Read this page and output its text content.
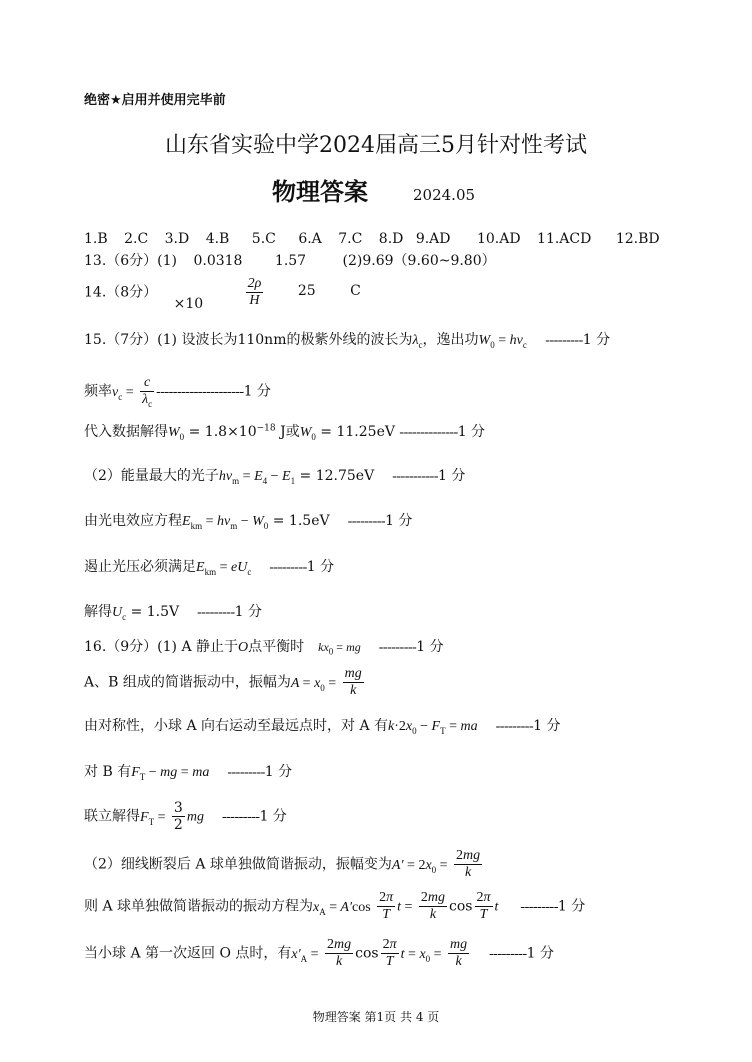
绝密★启用并使用完毕前
山东省实验中学2024届高三5月针对性考试
物理答案	2024.05
1.B 2.C 3.D 4.B 5.C 6.A 7.C 8.D 9.AD 10.AD 11.ACD 12.BD
13.（6分）(1) 0.0318 1.57	(2)9.69（9.60~9.80）
14.（8分） ×10	$\frac{2\rho}{H} 25$ C
15.（7分）(1) 设波长为110nm的极紫外线的波长为$\lambda_c$，逸出功$W_0 = h\nu_c$ ---------1 分
频率$\nu_c = \frac{c}{\lambda_c} ---------------------1$ 分
代入数据解得$W_0 = 1.8\times 10^{-18}$ J或$W_0 = 11.25eV$ --------------1 分
（2）能量最大的光子$h\nu_m = E_4 - E_1 = 12.75eV$ -----------1 分
由光电效应方程$E_{km} = h\nu_m - W_0 = 1.5eV$ ---------1 分
遏止光压必须满足$E_{km} = eU_c$ ---------1 分
解得$U_c = 1.5V$ ---------1 分
16.（9分）(1) A 静止于O点平衡时 $kx_0$ = mg ---------1 分
A、B 组成的简谐振动中，振幅为$A = x_0 = \frac{mg}{k}$
由对称性，小球 A 向右运动至最远点时，对 A 有$k\cdot 2x_0 - F_T$ = ma ---------1 分
对 B 有$F_T$ − mg = ma ---------1 分
联立解得$F_T = \frac{3}{2}$ mg ---------1 分
（2）细线断裂后 A 球单独做简谐振动，振幅变为$A' = 2x_0 = \frac{2mg}{k}$
则 A 球单独做简谐振动的振动方程为$x_A = A'\cos \frac{2\pi}{T}$ $t = \frac{2mg}{k}$ $\cos \frac{2\pi}{T}$ t ---------1 分
当小球 A 第一次返回 O 点时，有$x'_A = \frac{2mg}{k}$ $\cos \frac{2\pi}{T}$ $t = x_0 = \frac{mg}{k} ---------1$ 分
物理答案 第1页 共 4 页
